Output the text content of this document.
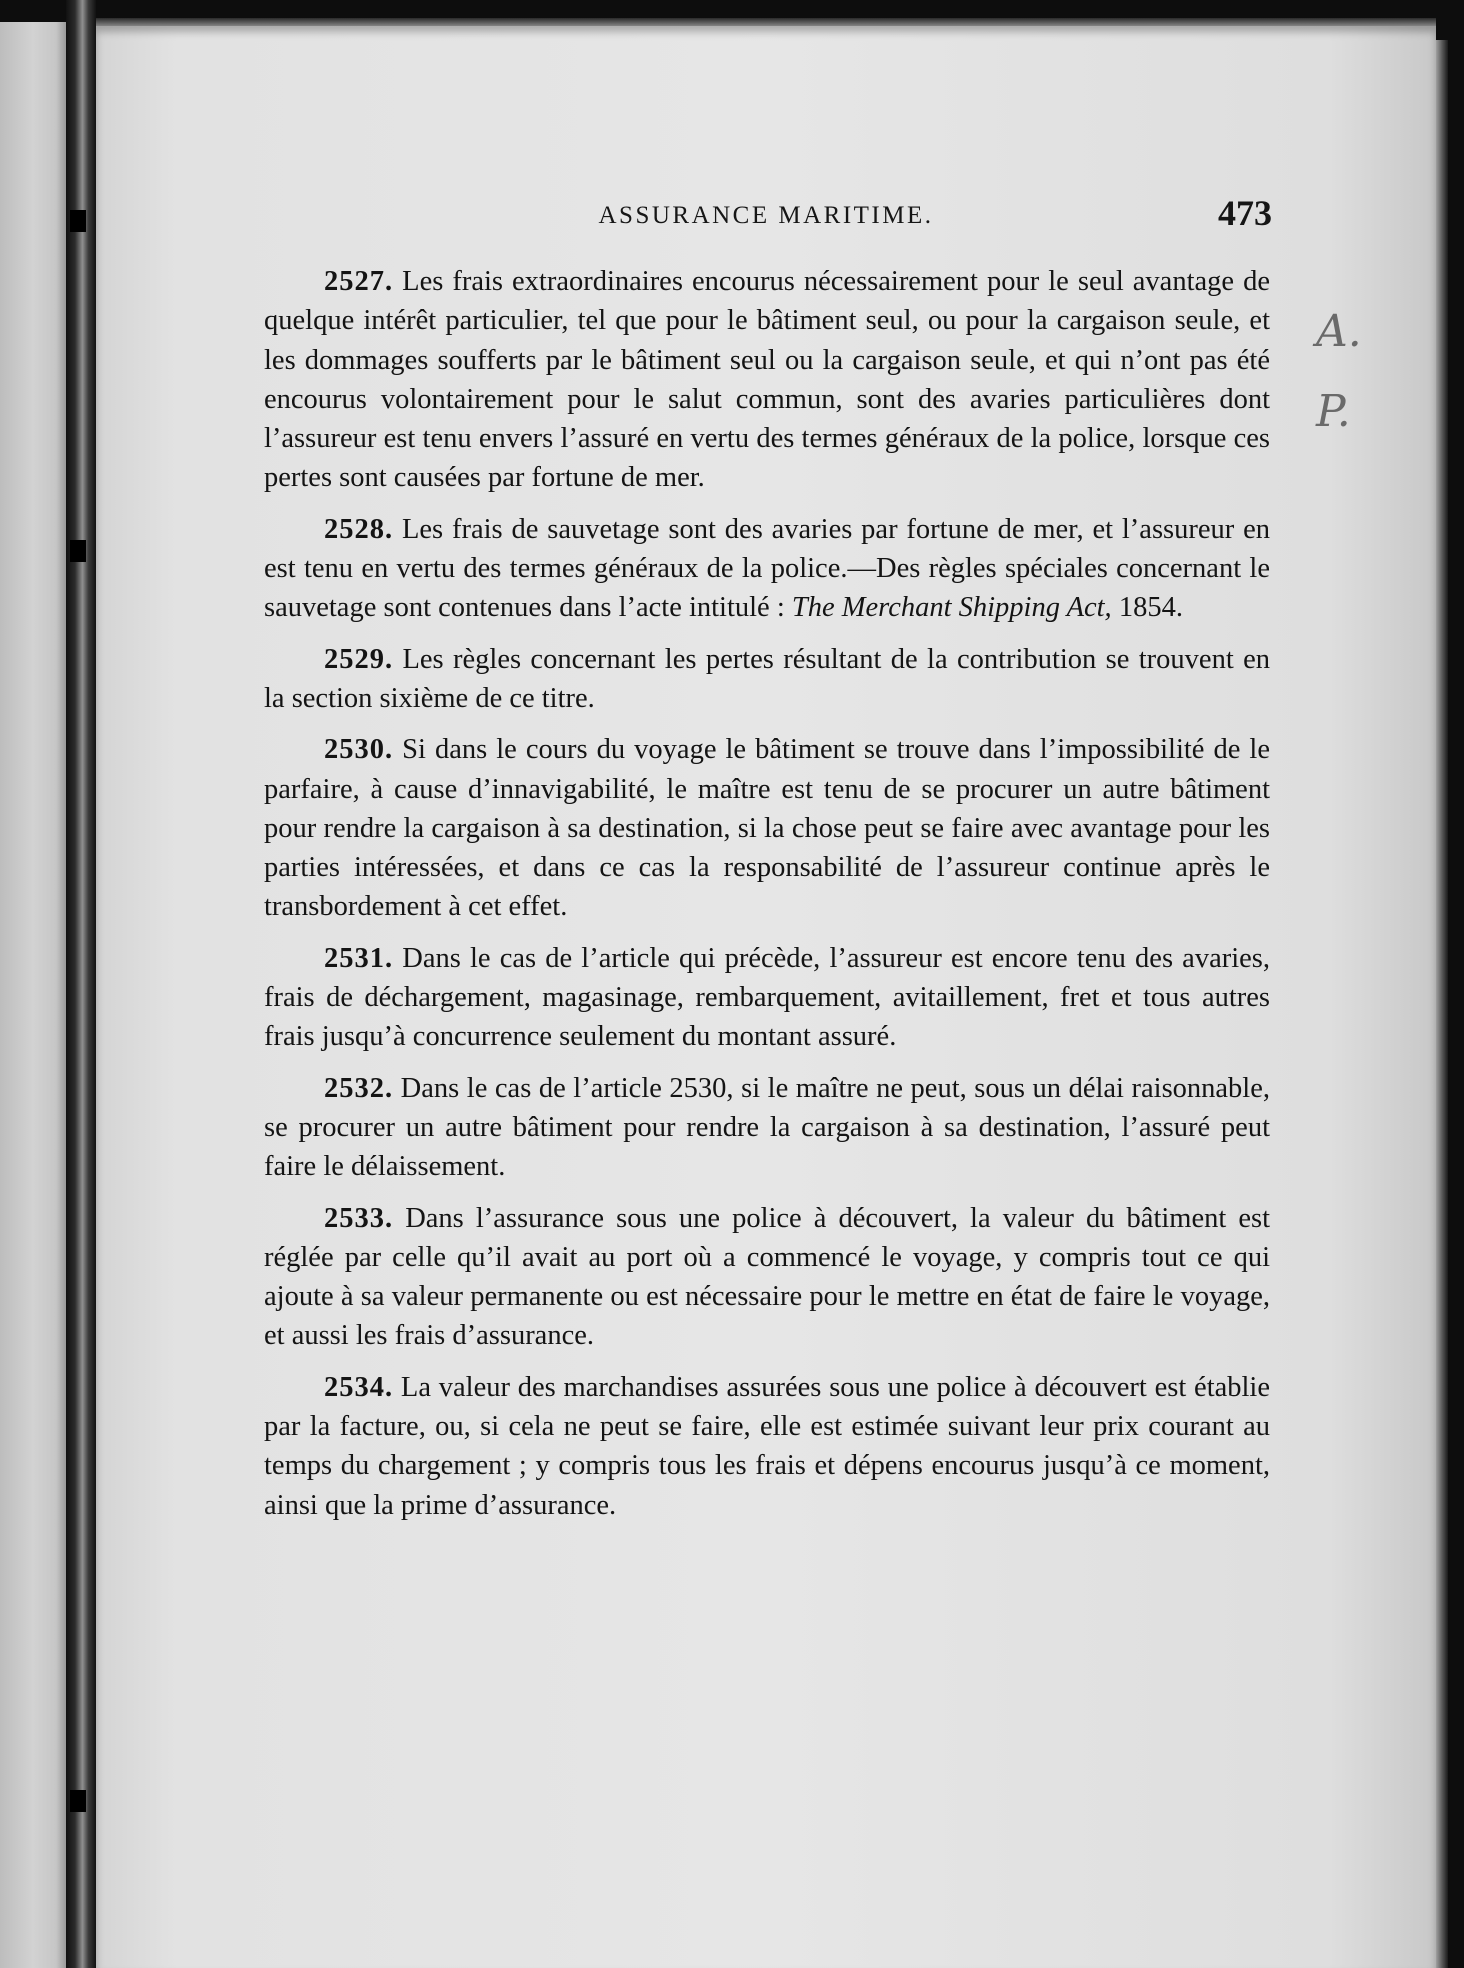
ASSURANCE MARITIME.	473
A.
P.

2527. Les frais extraordinaires encourus nécessairement pour le seul avantage de quelque intérêt particulier, tel que pour le bâtiment seul, ou pour la cargaison seule, et les dommages soufferts par le bâtiment seul ou la cargaison seule, et qui n’ont pas été encourus volontairement pour le salut commun, sont des avaries particulières dont l’assureur est tenu envers l’assuré en vertu des termes généraux de la police, lorsque ces pertes sont causées par fortune de mer.

2528. Les frais de sauvetage sont des avaries par fortune de mer, et l’assureur en est tenu en vertu des termes généraux de la police.—Des règles spéciales concernant le sauvetage sont contenues dans l’acte intitulé : The Merchant Shipping Act, 1854.

2529. Les règles concernant les pertes résultant de la contribution se trouvent en la section sixième de ce titre.

2530. Si dans le cours du voyage le bâtiment se trouve dans l’impossibilité de le parfaire, à cause d’innavigabilité, le maître est tenu de se procurer un autre bâtiment pour rendre la cargaison à sa destination, si la chose peut se faire avec avantage pour les parties intéressées, et dans ce cas la responsabilité de l’assureur continue après le transbordement à cet effet.

2531. Dans le cas de l’article qui précède, l’assureur est encore tenu des avaries, frais de déchargement, magasinage, rembarquement, avitaillement, fret et tous autres frais jusqu’à concurrence seulement du montant assuré.

2532. Dans le cas de l’article 2530, si le maître ne peut, sous un délai raisonnable, se procurer un autre bâtiment pour rendre la cargaison à sa destination, l’assuré peut faire le délaissement.

2533. Dans l’assurance sous une police à découvert, la valeur du bâtiment est réglée par celle qu’il avait au port où a commencé le voyage, y compris tout ce qui ajoute à sa valeur permanente ou est nécessaire pour le mettre en état de faire le voyage, et aussi les frais d’assurance.

2534. La valeur des marchandises assurées sous une police à découvert est établie par la facture, ou, si cela ne peut se faire, elle est estimée suivant leur prix courant au temps du chargement ; y compris tous les frais et dépens encourus jusqu’à ce moment, ainsi que la prime d’assurance.
